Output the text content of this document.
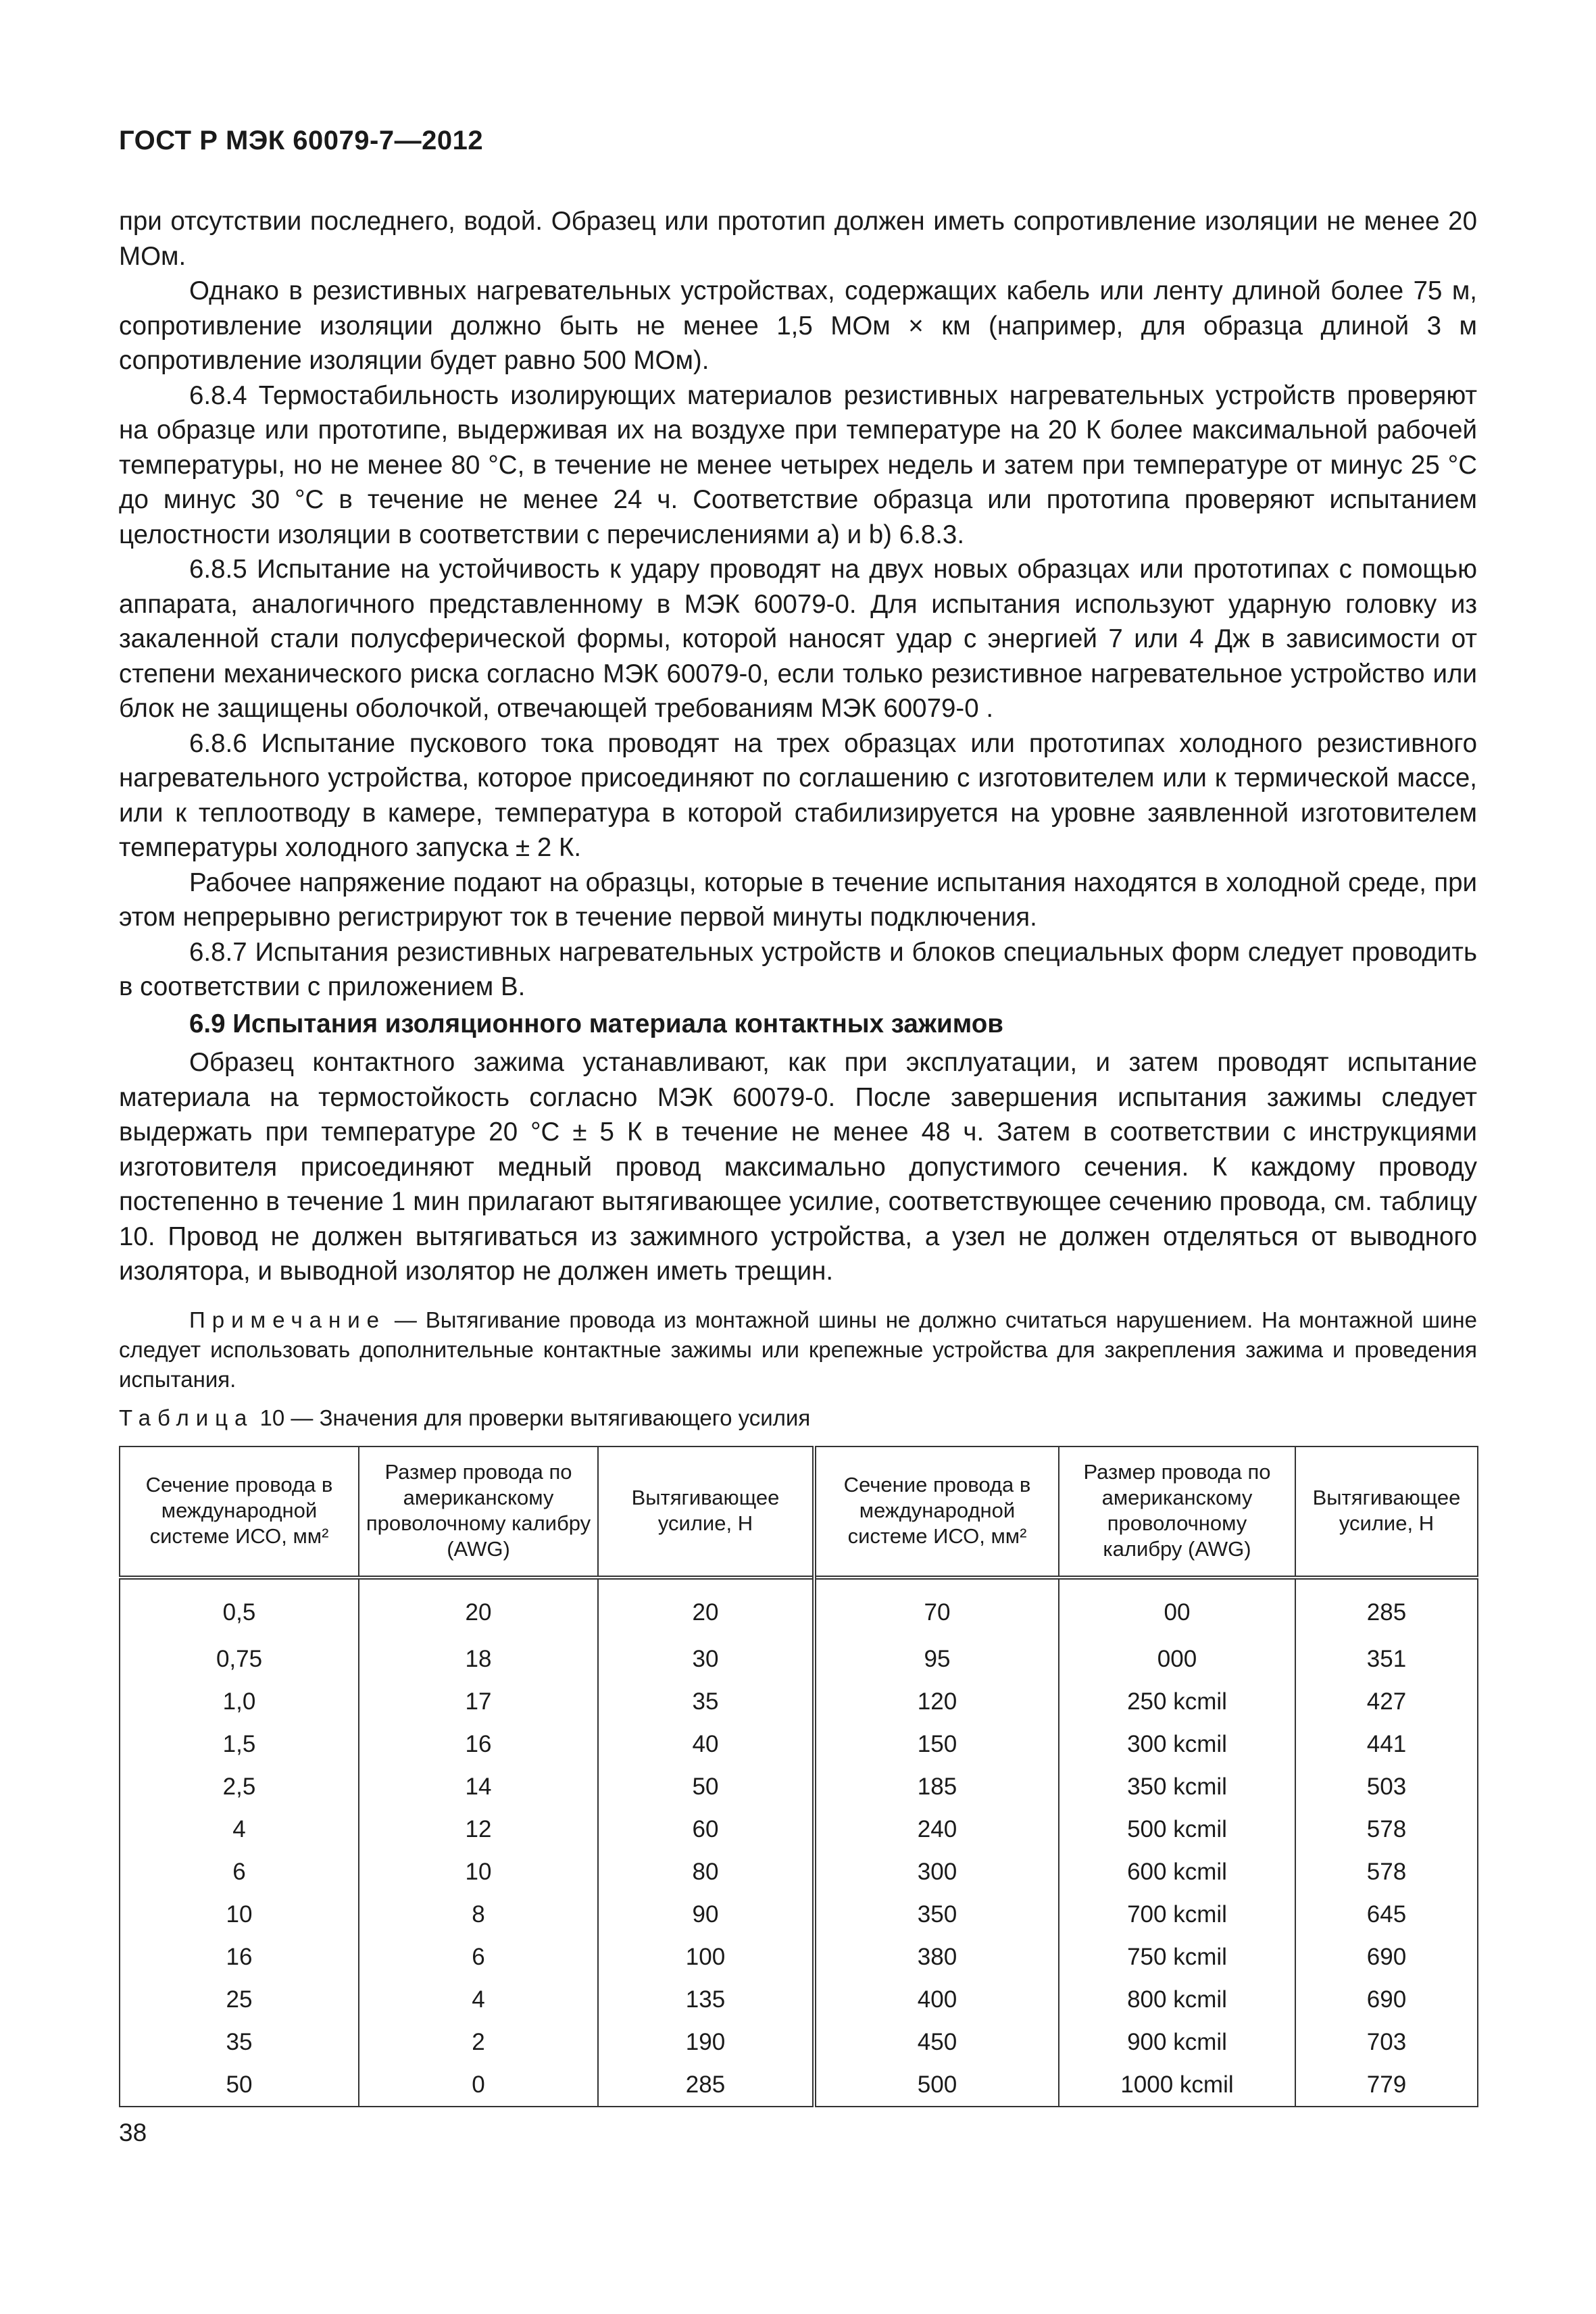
ГОСТ Р МЭК 60079-7—2012

при отсутствии последнего, водой. Образец или прототип должен иметь сопротивление изоляции не менее 20 МОм.

Однако в резистивных нагревательных устройствах, содержащих кабель или ленту длиной более 75 м, сопротивление изоляции должно быть не менее 1,5 МОм × км (например, для образца длиной 3 м сопротивление изоляции будет равно 500 МОм).

6.8.4 Термостабильность изолирующих материалов резистивных нагревательных устройств проверяют на образце или прототипе, выдерживая их на воздухе при температуре на 20 К более максимальной рабочей температуры, но не менее 80 °С, в течение не менее четырех недель и затем при температуре от минус 25 °С до минус 30 °С в течение не менее 24 ч. Соответствие образца или прототипа проверяют испытанием целостности изоляции в соответствии с перечислениями а) и b) 6.8.3.

6.8.5 Испытание на устойчивость к удару проводят на двух новых образцах или прототипах с помощью аппарата, аналогичного представленному в МЭК 60079-0. Для испытания используют ударную головку из закаленной стали полусферической формы, которой наносят удар с энергией 7 или 4 Дж в зависимости от степени механического риска согласно МЭК 60079-0, если только резистивное нагревательное устройство или блок не защищены оболочкой, отвечающей требованиям МЭК 60079-0 .

6.8.6 Испытание пускового тока проводят на трех образцах или прототипах холодного резистивного нагревательного устройства, которое присоединяют по соглашению с изготовителем или к термической массе, или к теплоотводу в камере, температура в которой стабилизируется на уровне заявленной изготовителем температуры холодного запуска ± 2 К.

Рабочее напряжение подают на образцы, которые в течение испытания находятся в холодной среде, при этом непрерывно регистрируют ток в течение первой минуты подключения.

6.8.7 Испытания резистивных нагревательных устройств и блоков специальных форм следует проводить в соответствии с приложением В.

6.9 Испытания изоляционного материала контактных зажимов

Образец контактного зажима устанавливают, как при эксплуатации, и затем проводят испытание материала на термостойкость согласно МЭК 60079-0. После завершения испытания зажимы следует выдержать при температуре 20 °С ± 5 К в течение не менее 48 ч. Затем в соответствии с инструкциями изготовителя присоединяют медный провод максимально допустимого сечения. К каждому проводу постепенно в течение 1 мин прилагают вытягивающее усилие, соответствующее сечению провода, см. таблицу 10. Провод не должен вытягиваться из зажимного устройства, а узел не должен отделяться от выводного изолятора, и выводной изолятор не должен иметь трещин.

Примечание — Вытягивание провода из монтажной шины не должно считаться нарушением. На монтажной шине следует использовать дополнительные контактные зажимы или крепежные устройства для закрепления зажима и проведения испытания.
Таблица 10 — Значения для проверки вытягивающего усилия
Сечение провода в международной системе ИСО, мм²	Размер провода по американскому проволочному калибру (AWG)	Вытягивающее усилие, Н	Сечение провода в международной системе ИСО, мм²	Размер провода по американскому проволочному калибру (AWG)	Вытягивающее усилие, Н
0,5	20	20	70	00	285
0,75	18	30	95	000	351
1,0	17	35	120	250 kcmil	427
1,5	16	40	150	300 kcmil	441
2,5	14	50	185	350 kcmil	503
4	12	60	240	500 kcmil	578
6	10	80	300	600 kcmil	578
10	8	90	350	700 kcmil	645
16	6	100	380	750 kcmil	690
25	4	135	400	800 kcmil	690
35	2	190	450	900 kcmil	703
50	0	285	500	1000 kcmil	779
38
